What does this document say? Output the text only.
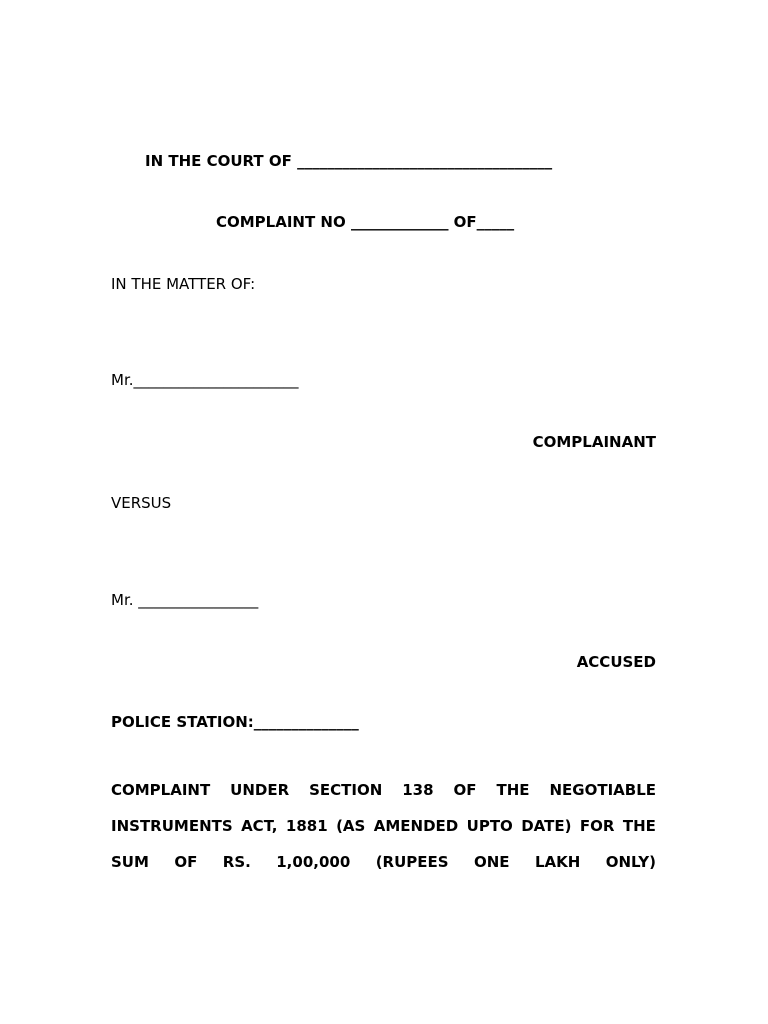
IN THE COURT OF __________________________________
COMPLAINT NO _____________ OF_____
IN THE MATTER OF:
Mr.______________________
COMPLAINANT
VERSUS
Mr. ________________
ACCUSED
POLICE STATION:______________
COMPLAINT UNDER SECTION 138 OF THE NEGOTIABLE
INSTRUMENTS ACT, 1881 (AS AMENDED UPTO DATE) FOR THE
SUM OF RS. 1,00,000 (RUPEES ONE LAKH ONLY)
